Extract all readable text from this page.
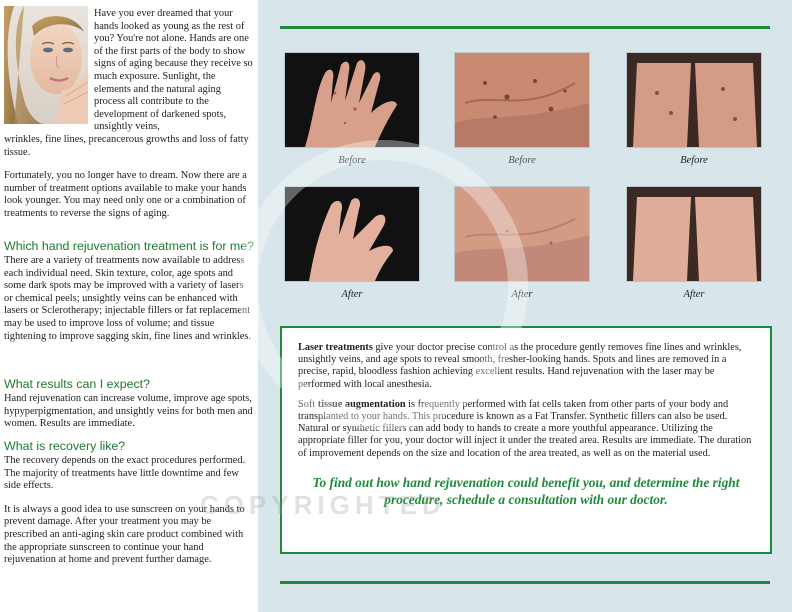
Have you ever dreamed that your hands looked as young as the rest of you? You're not alone. Hands are one of the first parts of the body to show signs of aging because they receive so much exposure. Sunlight, the elements and the natural aging process all contribute to the development of darkened spots, unsightly veins,

wrinkles, fine lines, precancerous growths and loss of fatty tissue.

Fortunately, you no longer have to dream. Now there are a number of treatment options available to make your hands look younger. You may need only one or a combination of treatments to reverse the signs of aging.

Which hand rejuvenation treatment is for me?

There are a variety of treatments now available to address each individual need. Skin texture, color, age spots and some dark spots may be improved with a variety of lasers or chemical peels; unsightly veins can be enhanced with lasers or Sclerotherapy; injectable fillers or fat replacement may be used to improve loss of volume; and tissue tightening to improve sagging skin, fine lines and wrinkles.

What results can I expect?

Hand rejuvenation can increase volume, improve age spots, hypyperpigmentation, and unsightly veins for both men and women. Results are immediate.

What is recovery like?

The recovery depends on the exact procedures performed. The majority of treatments have little downtime and few side effects.

It is always a good idea to use sunscreen on your hands to prevent damage. After your treatment you may be prescribed an anti-aging skin care product combined with the appropriate sunscreen to continue your hand rejuvenation at home and prevent further damage.

Before	Before	Before
After	After	After

Laser treatments give your doctor precise control as the procedure gently removes fine lines and wrinkles, unsightly veins, and age spots to reveal smooth, fresher-looking hands. Spots and lines are removed in a precise, rapid, bloodless fashion achieving excellent results. Hand rejuvenation with the laser may be performed with local anesthesia.

Soft tissue augmentation is frequently performed with fat cells taken from other parts of your body and transplanted to your hands. This procedure is known as a Fat Transfer. Synthetic fillers can also be used. Natural or synthetic fillers can add body to hands to create a more youthful appearance. Utilizing the appropriate filler for you, your doctor will inject it under the treated area. Results are immediate. The duration of improvement depends on the size and location of the area treated, as well as on the material used.

To find out how hand rejuvenation could benefit you, and determine the right procedure, schedule a consultation with our doctor.
COPYRIGHTED
